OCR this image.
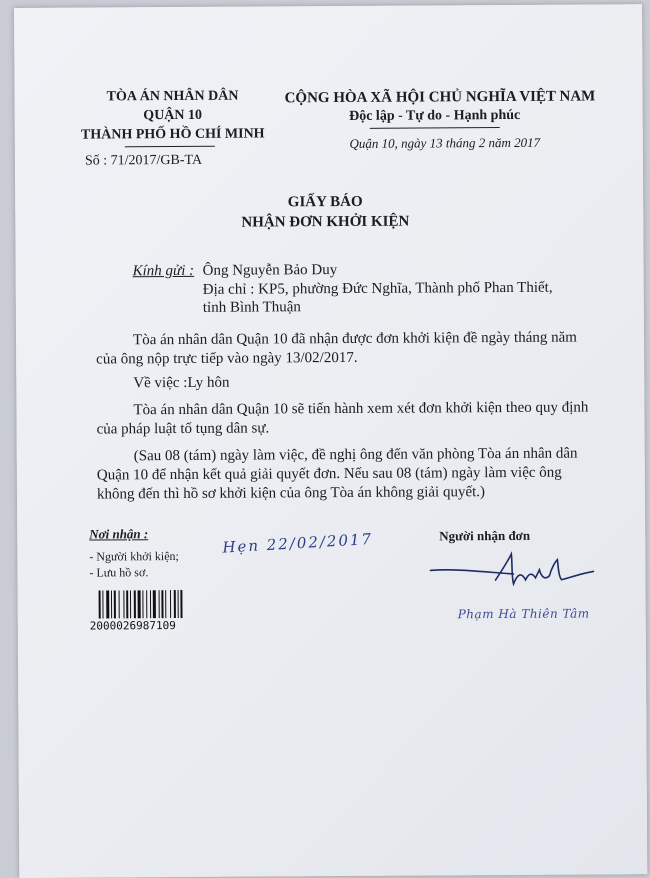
TÒA ÁN NHÂN DÂN
QUẬN 10
THÀNH PHỐ HỒ CHÍ MINH
Số : 71/2017/GB-TA
CỘNG HÒA XÃ HỘI CHỦ NGHĨA VIỆT NAM
Độc lập - Tự do - Hạnh phúc
Quận 10, ngày 13 tháng 2 năm 2017
GIẤY BÁO
NHẬN ĐƠN KHỞI KIỆN
Kính gửi : Ông Nguyễn Bảo Duy
Địa chỉ : KP5, phường Đức Nghĩa, Thành phố Phan Thiết,
tỉnh Bình Thuận
Tòa án nhân dân Quận 10 đã nhận được đơn khởi kiện đề ngày tháng năm
của ông nộp trực tiếp vào ngày 13/02/2017.
Về việc :Ly hôn
Tòa án nhân dân Quận 10 sẽ tiến hành xem xét đơn khởi kiện theo quy định
của pháp luật tố tụng dân sự.
(Sau 08 (tám) ngày làm việc, đề nghị ông đến văn phòng Tòa án nhân dân
Quận 10 để nhận kết quả giải quyết đơn. Nếu sau 08 (tám) ngày làm việc ông
không đến thì hồ sơ khởi kiện của ông Tòa án không giải quyết.)
Nơi nhận :
- Người khởi kiện;
- Lưu hồ sơ.
2000026987109
Hẹn 22/02/2017	Người nhận đơn
Phạm Hà Thiên Tâm
